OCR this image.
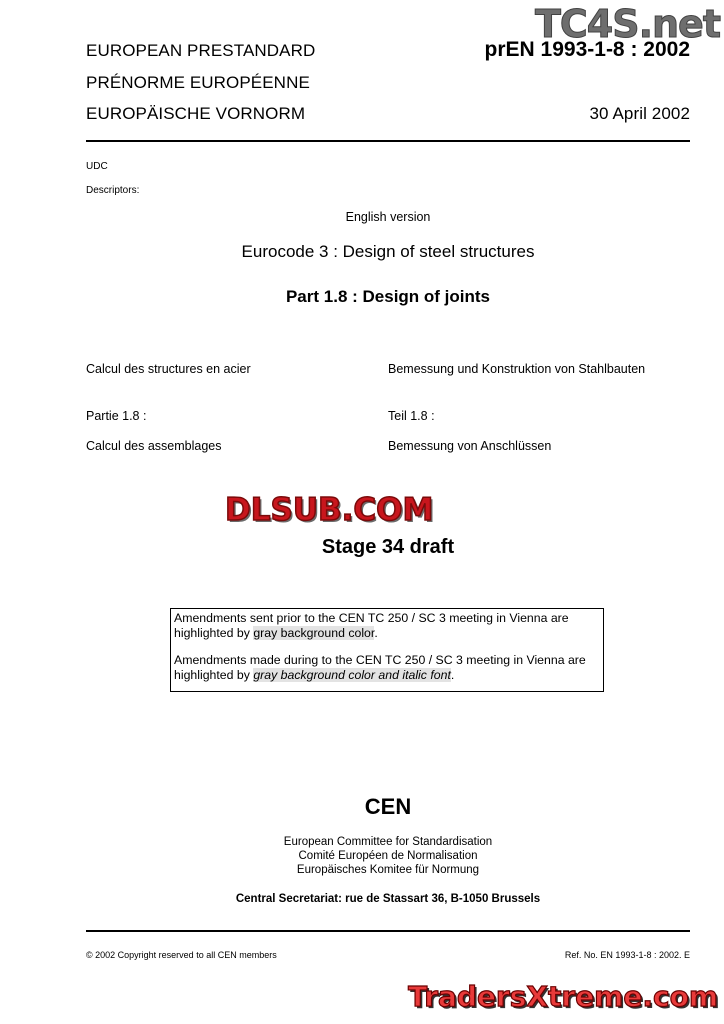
EUROPEAN PRESTANDARD
PRÉNORME EUROPÉENNE
EUROPÄISCHE VORNORM
prEN 1993-1-8 : 2002
30 April 2002
TC4S.net
UDC
Descriptors:
English version
Eurocode 3 : Design of steel structures
Part 1.8 : Design of joints
Calcul des structures en acier	Bemessung und Konstruktion von Stahlbauten
Partie 1.8 :	Teil 1.8 :
Calcul des assemblages	Bemessung von Anschlüssen
DLSUB.COM
Stage 34 draft

Amendments sent prior to the CEN TC 250 / SC 3 meeting in Vienna are highlighted by gray background color.

Amendments made during to the CEN TC 250 / SC 3 meeting in Vienna are highlighted by gray background color and italic font.

CEN
European Committee for Standardisation
Comité Européen de Normalisation
Europäisches Komitee für Normung
Central Secretariat: rue de Stassart 36, B-1050 Brussels
© 2002 Copyright reserved to all CEN members	Ref. No. EN 1993-1-8 : 2002. E
TradersXtreme.com
